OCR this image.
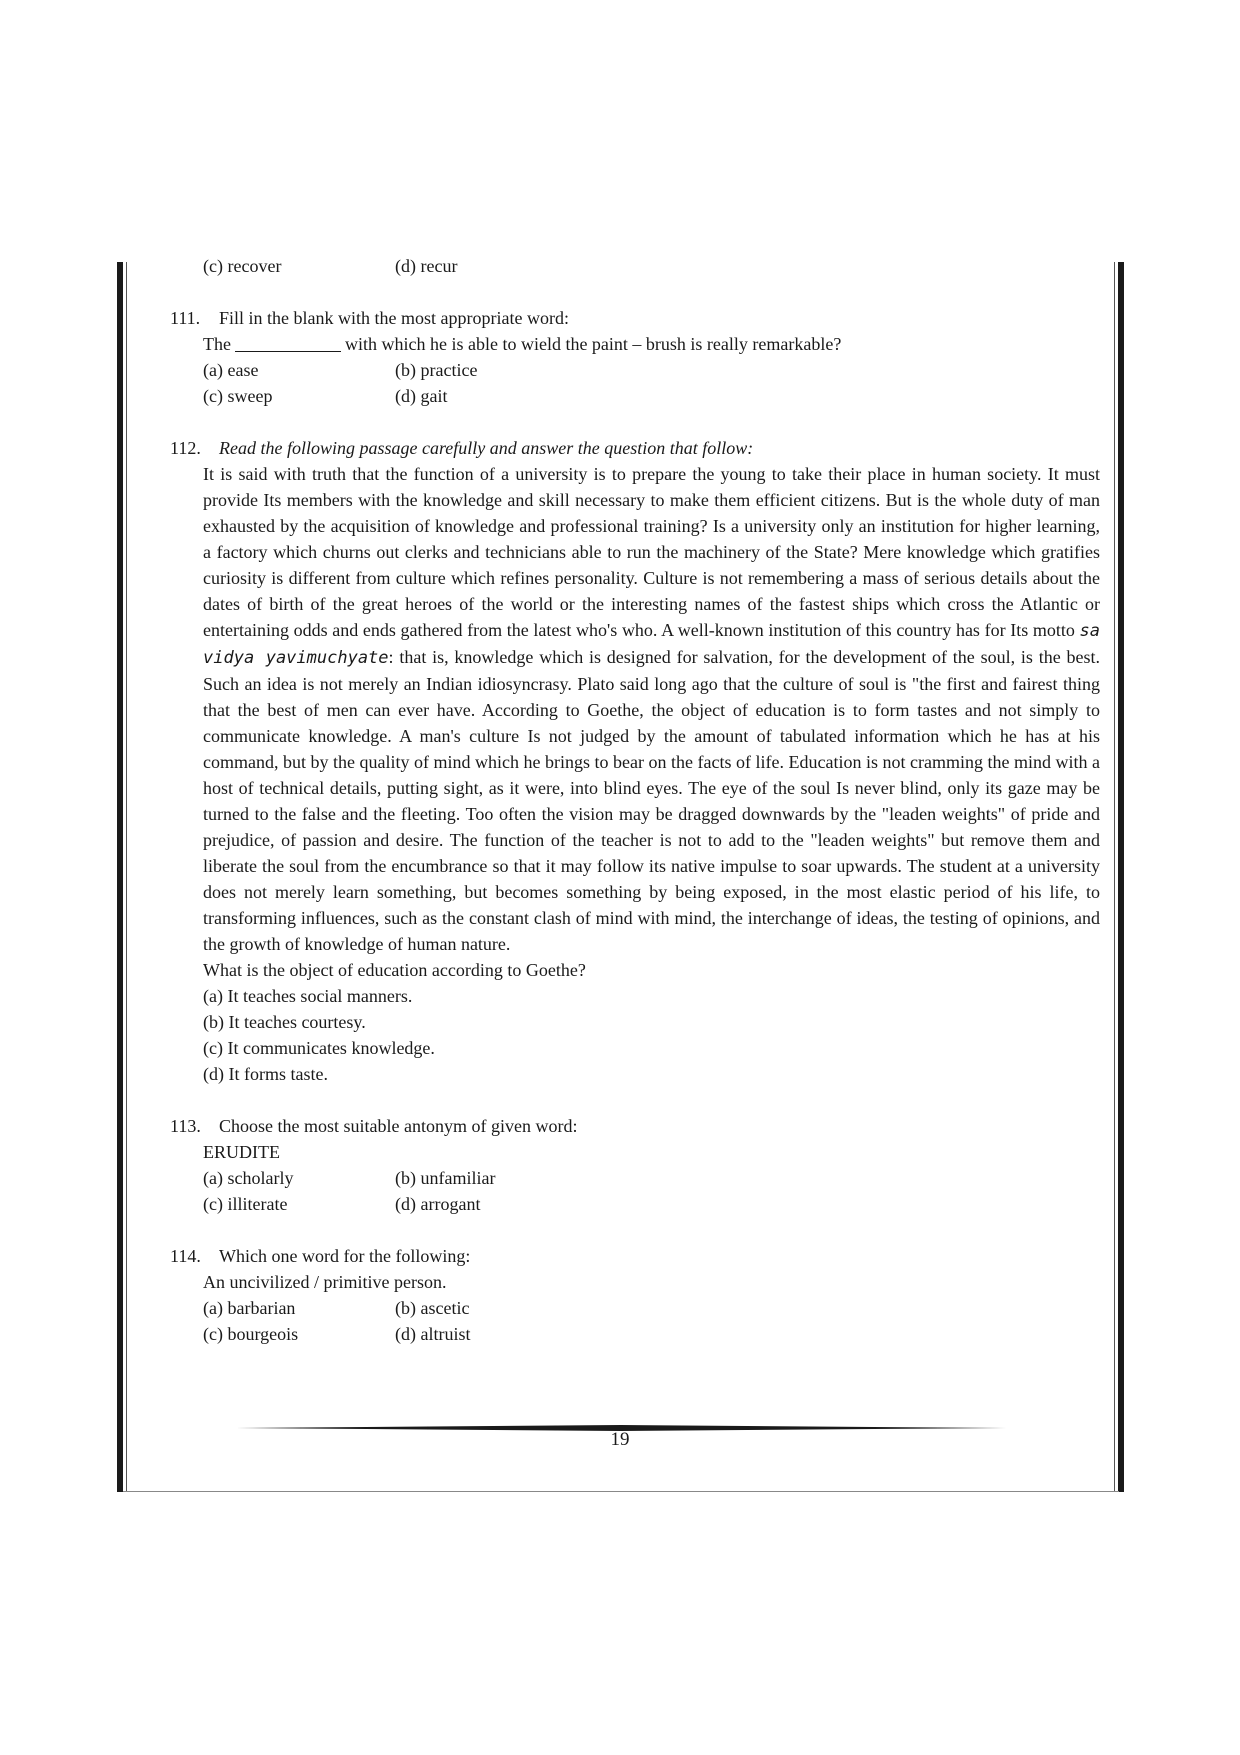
(c) recover	(d) recur
111. Fill in the blank with the most appropriate word:
The	with which he is able to wield the paint – brush is really remarkable?
(a) ease	(b) practice
(c) sweep	(d) gait
112. Read the following passage carefully and answer the question that follow:
It is said with truth that the function of a university is to prepare the young to take their place in human society. It must provide Its members with the knowledge and skill necessary to make them efficient citizens. But is the whole duty of man exhausted by the acquisition of knowledge and professional training? Is a university only an institution for higher learning, a factory which churns out clerks and technicians able to run the machinery of the State? Mere knowledge which gratifies curiosity is different from culture which refines personality. Culture is not remembering a mass of serious details about the dates of birth of the great heroes of the world or the interesting names of the fastest ships which cross the Atlantic or entertaining odds and ends gathered from the latest who's who. A well-known institution of this country has for Its motto sa vidya yavimuchyate: that is, knowledge which is designed for salvation, for the development of the soul, is the best. Such an idea is not merely an Indian idiosyncrasy. Plato said long ago that the culture of soul is "the first and fairest thing that the best of men can ever have. According to Goethe, the object of education is to form tastes and not simply to communicate knowledge. A man's culture Is not judged by the amount of tabulated information which he has at his command, but by the quality of mind which he brings to bear on the facts of life. Education is not cramming the mind with a host of technical details, putting sight, as it were, into blind eyes. The eye of the soul Is never blind, only its gaze may be turned to the false and the fleeting. Too often the vision may be dragged downwards by the "leaden weights" of pride and prejudice, of passion and desire. The function of the teacher is not to add to the "leaden weights" but remove them and liberate the soul from the encumbrance so that it may follow its native impulse to soar upwards. The student at a university does not merely learn something, but becomes something by being exposed, in the most elastic period of his life, to transforming influences, such as the constant clash of mind with mind, the interchange of ideas, the testing of opinions, and the growth of knowledge of human nature.
What is the object of education according to Goethe?
(a) It teaches social manners.
(b) It teaches courtesy.
(c) It communicates knowledge.
(d) It forms taste.
113. Choose the most suitable antonym of given word:
ERUDITE
(a) scholarly	(b) unfamiliar
(c) illiterate	(d) arrogant
114. Which one word for the following:
An uncivilized / primitive person.
(a) barbarian	(b) ascetic
(c) bourgeois	(d) altruist
19
